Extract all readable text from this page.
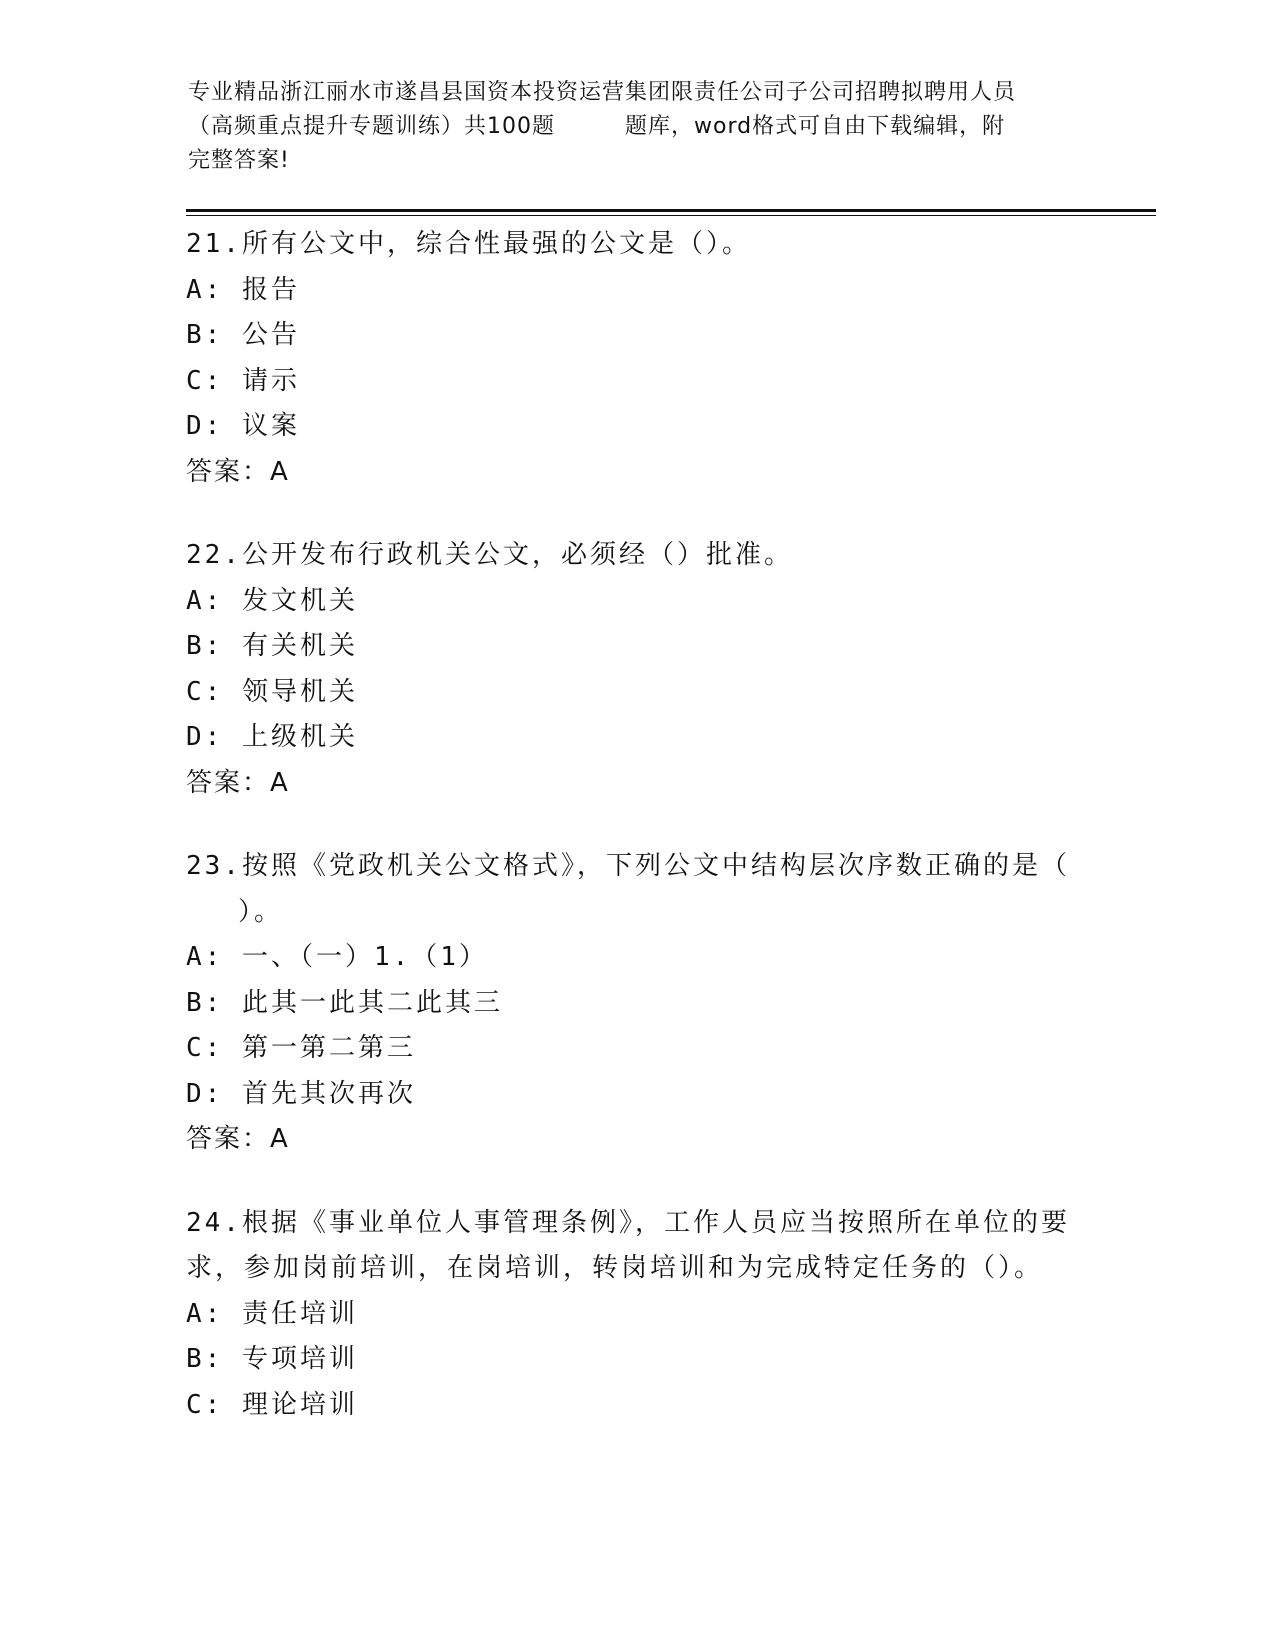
专业精品浙江丽水市遂昌县国资本投资运营集团限责任公司子公司招聘拟聘用人员
（高频重点提升专题训练）共100题	题库，word格式可自由下载编辑，附
完整答案!
21.所有公文中，综合性最强的公文是（）。
A: 报告
B: 公告
C: 请示
D: 议案
答案：A
22.公开发布行政机关公文，必须经（）批准。
A: 发文机关
B: 有关机关
C: 领导机关
D: 上级机关
答案：A
23.按照《党政机关公文格式》，下列公文中结构层次序数正确的是（
）。
A: 一、（一）1.（1）
B: 此其一此其二此其三
C: 第一第二第三
D: 首先其次再次
答案：A
24.根据《事业单位人事管理条例》，工作人员应当按照所在单位的要
求，参加岗前培训，在岗培训，转岗培训和为完成特定任务的（）。
A: 责任培训
B: 专项培训
C: 理论培训
